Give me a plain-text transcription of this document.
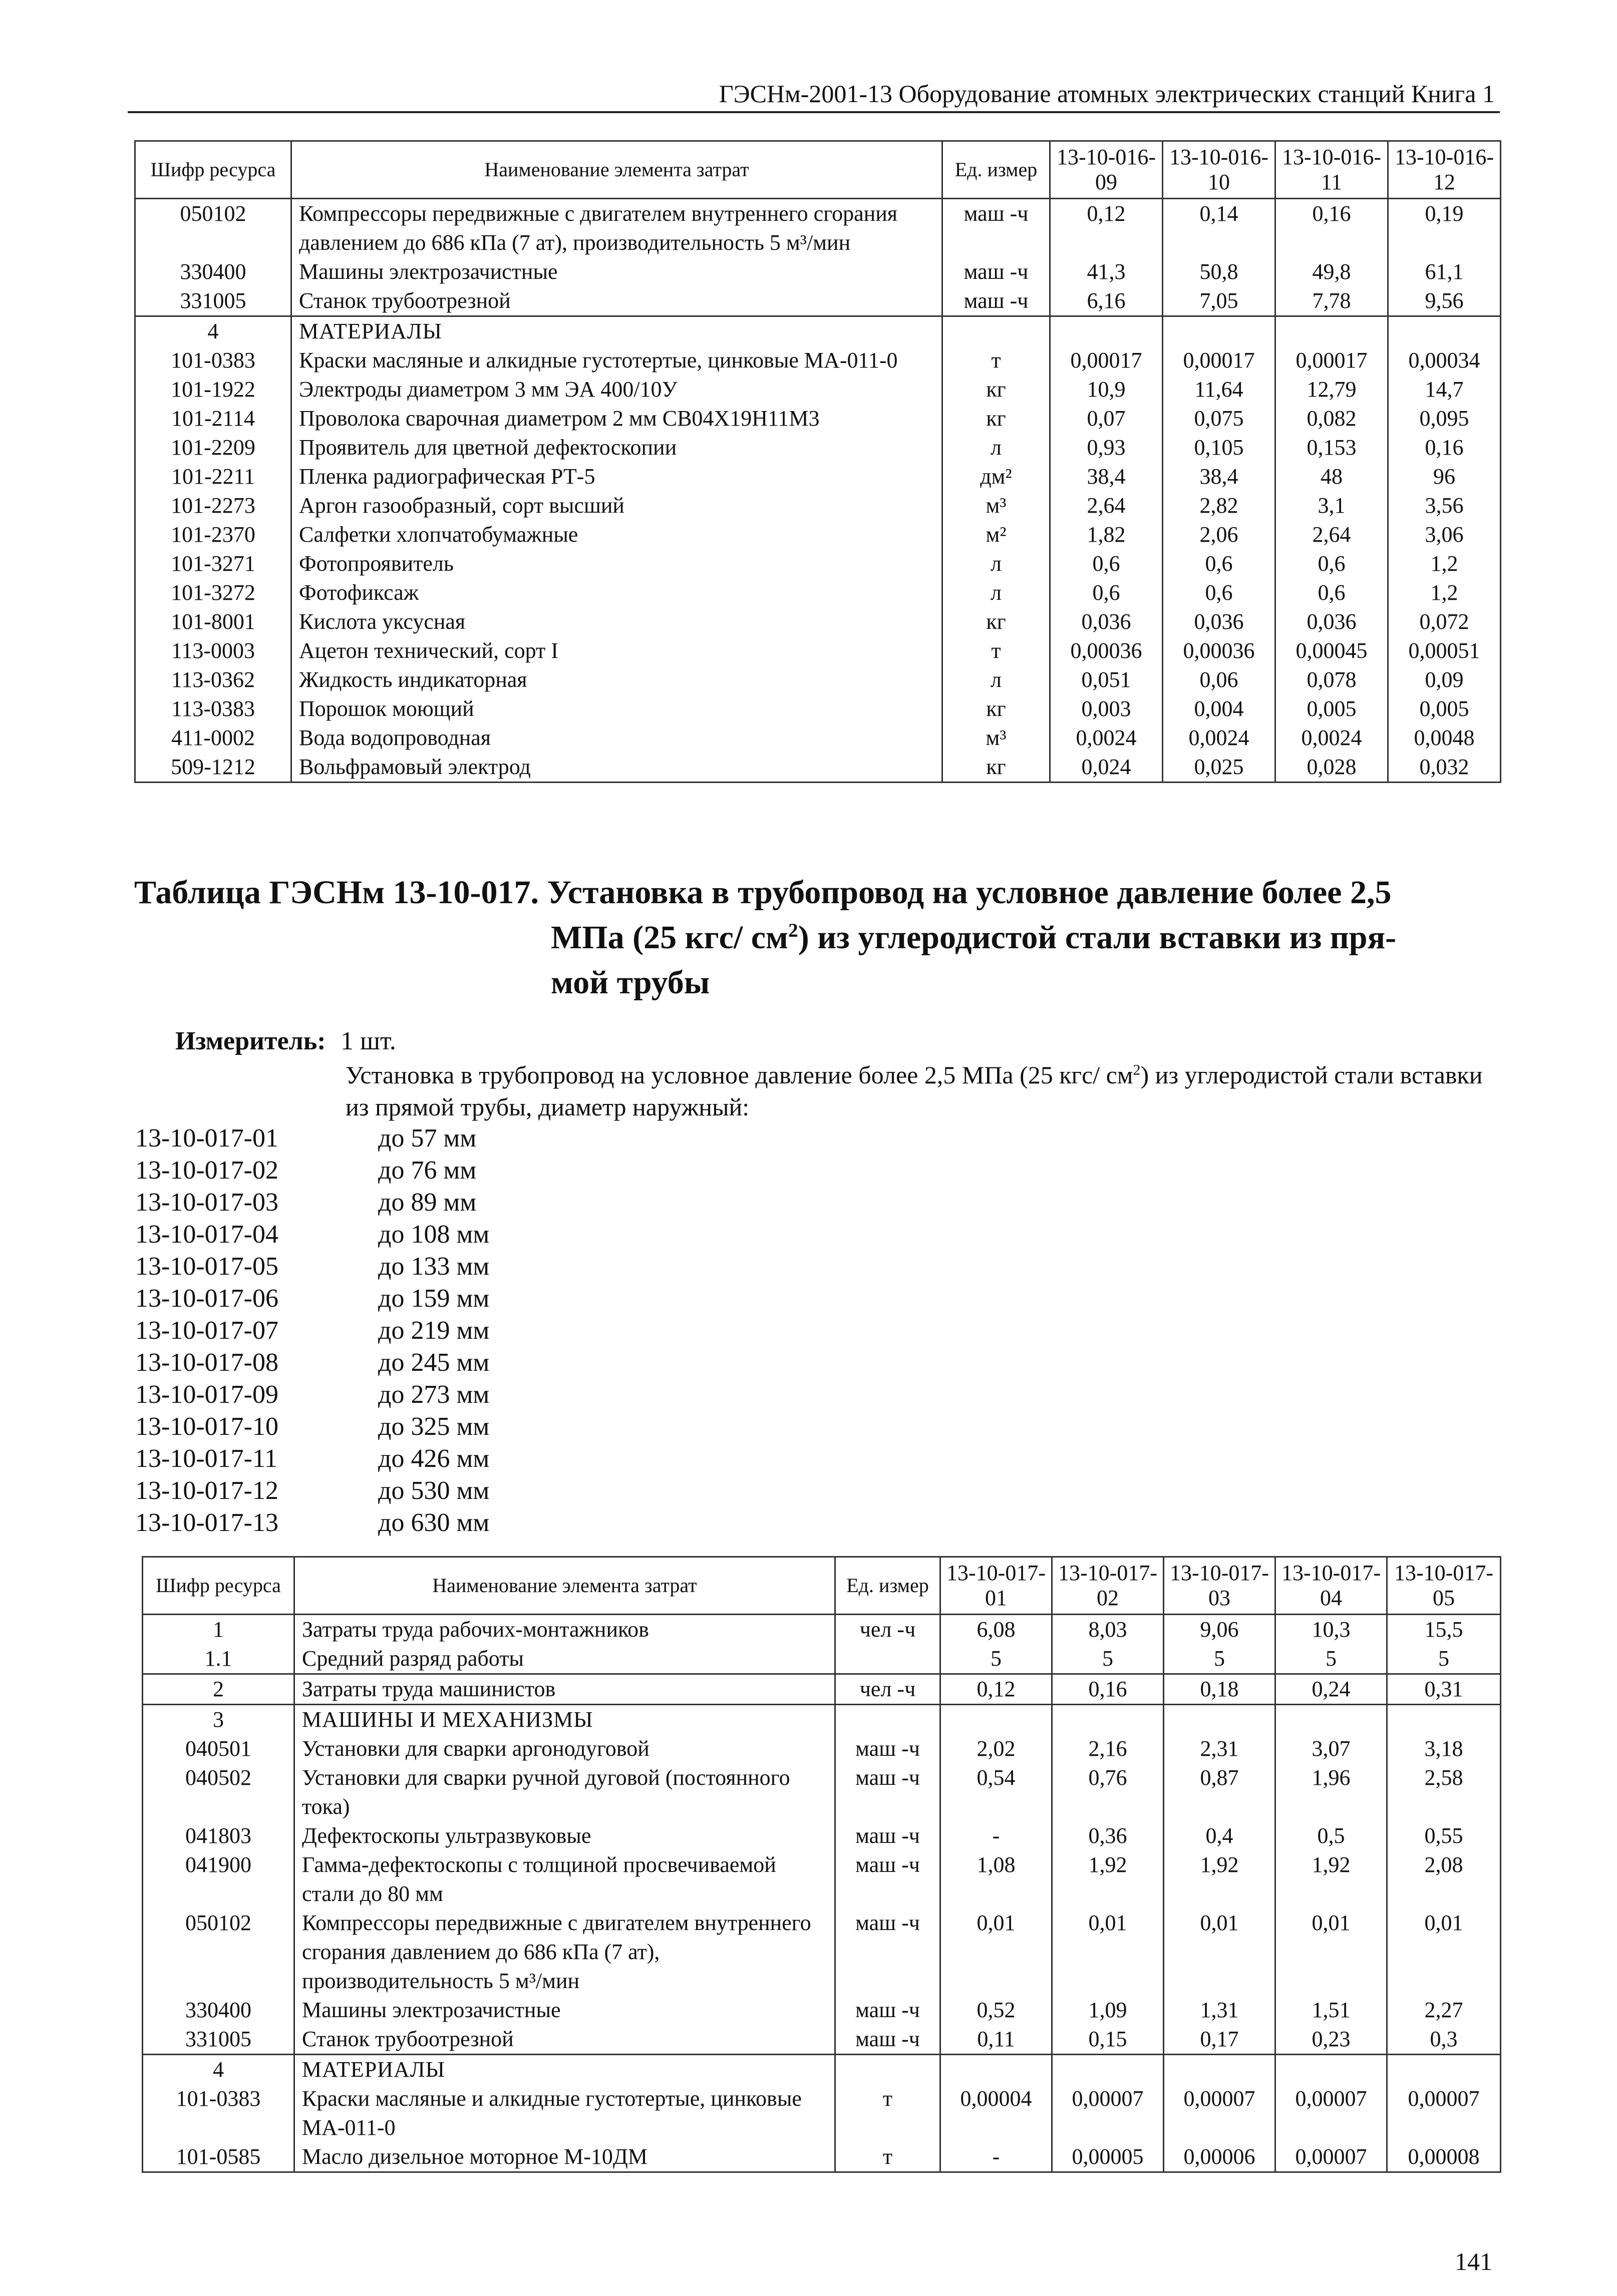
ГЭСНм-2001-13 Оборудование атомных электрических станций Книга 1
Шифр ресурса	Наименование элемента затрат	Ед. измер	13-10-016-09	13-10-016-10	13-10-016-11	13-10-016-12
050102	Компрессоры передвижные с двигателем внутреннего сгорания давлением до 686 кПа (7 ат), производительность 5 м³/мин	маш -ч	0,12	0,14	0,16	0,19
330400	Машины электрозачистные	маш -ч	41,3	50,8	49,8	61,1
331005	Станок трубоотрезной	маш -ч	6,16	7,05	7,78	9,56
4	МАТЕРИАЛЫ					
101-0383	Краски масляные и алкидные густотертые, цинковые МА-011-0	т	0,00017	0,00017	0,00017	0,00034
101-1922	Электроды диаметром 3 мм ЭА 400/10У	кг	10,9	11,64	12,79	14,7
101-2114	Проволока сварочная диаметром 2 мм СВ04Х19Н11М3	кг	0,07	0,075	0,082	0,095
101-2209	Проявитель для цветной дефектоскопии	л	0,93	0,105	0,153	0,16
101-2211	Пленка радиографическая РТ-5	дм²	38,4	38,4	48	96
101-2273	Аргон газообразный, сорт высший	м³	2,64	2,82	3,1	3,56
101-2370	Салфетки хлопчатобумажные	м²	1,82	2,06	2,64	3,06
101-3271	Фотопроявитель	л	0,6	0,6	0,6	1,2
101-3272	Фотофиксаж	л	0,6	0,6	0,6	1,2
101-8001	Кислота уксусная	кг	0,036	0,036	0,036	0,072
113-0003	Ацетон технический, сорт I	т	0,00036	0,00036	0,00045	0,00051
113-0362	Жидкость индикаторная	л	0,051	0,06	0,078	0,09
113-0383	Порошок моющий	кг	0,003	0,004	0,005	0,005
411-0002	Вода водопроводная	м³	0,0024	0,0024	0,0024	0,0048
509-1212	Вольфрамовый электрод	кг	0,024	0,025	0,028	0,032
Таблица ГЭСНм 13-10-017. Установка в трубопровод на условное давление более 2,5
МПа (25 кгс/ $см^2$) из углеродистой стали вставки из пря-
мой трубы
Измеритель: 1 шт.
Установка в трубопровод на условное давление более 2,5 МПа (25 кгс/ $см^2$) из углеродистой стали вставки из прямой трубы, диаметр наружный:
13-10-017-01	до 57 мм
13-10-017-02	до 76 мм
13-10-017-03	до 89 мм
13-10-017-04	до 108 мм
13-10-017-05	до 133 мм
13-10-017-06	до 159 мм
13-10-017-07	до 219 мм
13-10-017-08	до 245 мм
13-10-017-09	до 273 мм
13-10-017-10	до 325 мм
13-10-017-11	до 426 мм
13-10-017-12	до 530 мм
13-10-017-13	до 630 мм
Шифр ресурса	Наименование элемента затрат	Ед. измер	13-10-017-01	13-10-017-02	13-10-017-03	13-10-017-04	13-10-017-05
1	Затраты труда рабочих-монтажников	чел -ч	6,08	8,03	9,06	10,3	15,5
1.1	Средний разряд работы		5	5	5	5	5
2	Затраты труда машинистов	чел -ч	0,12	0,16	0,18	0,24	0,31
3	МАШИНЫ И МЕХАНИЗМЫ						
040501	Установки для сварки аргонодуговой	маш -ч	2,02	2,16	2,31	3,07	3,18
040502	Установки для сварки ручной дуговой (постоянного тока)	маш -ч	0,54	0,76	0,87	1,96	2,58
041803	Дефектоскопы ультразвуковые	маш -ч	-	0,36	0,4	0,5	0,55
041900	Гамма-дефектоскопы с толщиной просвечиваемой стали до 80 мм	маш -ч	1,08	1,92	1,92	1,92	2,08
050102	Компрессоры передвижные с двигателем внутреннего сгорания давлением до 686 кПа (7 ат), производительность 5 м³/мин	маш -ч	0,01	0,01	0,01	0,01	0,01
330400	Машины электрозачистные	маш -ч	0,52	1,09	1,31	1,51	2,27
331005	Станок трубоотрезной	маш -ч	0,11	0,15	0,17	0,23	0,3
4	МАТЕРИАЛЫ						
101-0383	Краски масляные и алкидные густотертые, цинковые МА-011-0	т	0,00004	0,00007	0,00007	0,00007	0,00007
101-0585	Масло дизельное моторное М-10ДМ	т	-	0,00005	0,00006	0,00007	0,00008
141
